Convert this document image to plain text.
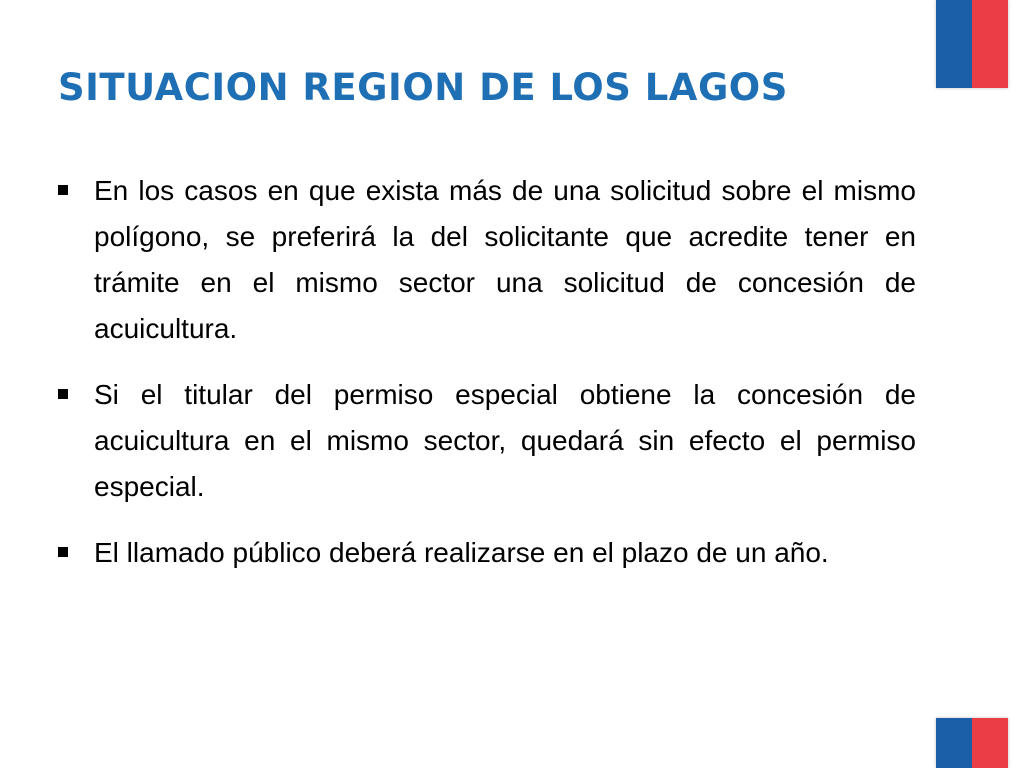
SITUACION REGION DE LOS LAGOS
En los casos en que exista más de una solicitud sobre el mismo polígono, se preferirá la del solicitante que acredite tener en trámite en el mismo sector una solicitud de concesión de acuicultura.
Si el titular del permiso especial obtiene la concesión de acuicultura en el mismo sector, quedará sin efecto el permiso especial.
El llamado público deberá realizarse en el plazo de un año.
